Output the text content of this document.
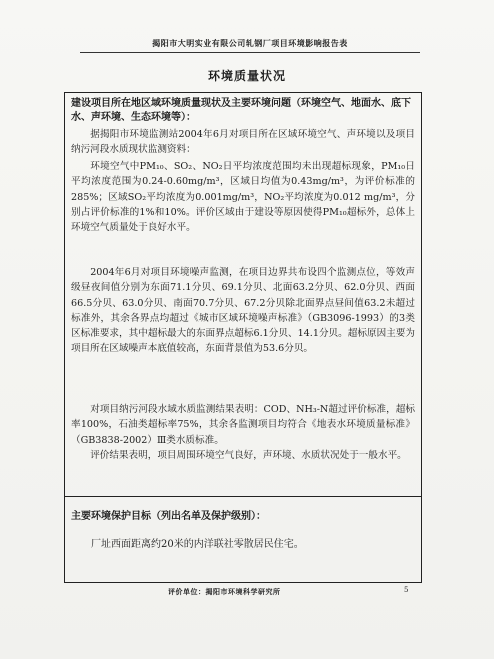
揭阳市大明实业有限公司轧钢厂项目环境影响报告表
环境质量状况
建设项目所在地区域环境质量现状及主要环境问题（环境空气、地面水、底下水、声环境、生态环境等）：

据揭阳市环境监测站2004年6月对项目所在区域环境空气、声环境以及项目纳污河段水质现状监测资料：

环境空气中PM₁₀、SO₂、NO₂日平均浓度范围均未出现超标现象，PM₁₀日平均浓度范围为0.24-0.60mg/m³，区域日均值为0.43mg/m³，为评价标准的285%；区域SO₂平均浓度为0.001mg/m³，NO₂平均浓度为0.012 mg/m³，分别占评价标准的1%和10%。评价区域由于建设等原因使得PM₁₀超标外，总体上环境空气质量处于良好水平。

2004年6月对项目环境噪声监测，在项目边界共布设四个监测点位，等效声级昼夜间值分别为东面71.1分贝、69.1分贝、北面63.2分贝、62.0分贝、西面66.5分贝、63.0分贝、南面70.7分贝、67.2分贝除北面界点昼间值63.2未超过标准外，其余各界点均超过《城市区域环境噪声标准》（GB3096-1993）的3类区标准要求，其中超标最大的东面界点超标6.1分贝、14.1分贝。超标原因主要为项目所在区域噪声本底值较高，东面背景值为53.6分贝。

对项目纳污河段水域水质监测结果表明：COD、NH₃-N超过评价标准，超标率100%，石油类超标率75%，其余各监测项目均符合《地表水环境质量标准》（GB3838-2002）Ⅲ类水质标准。

评价结果表明，项目周围环境空气良好，声环境、水质状况处于一般水平。

主要环境保护目标（列出名单及保护级别）：

厂址西面距离约20米的内洋联社零散居民住宅。

评价单位：揭阳市环境科学研究所	5
